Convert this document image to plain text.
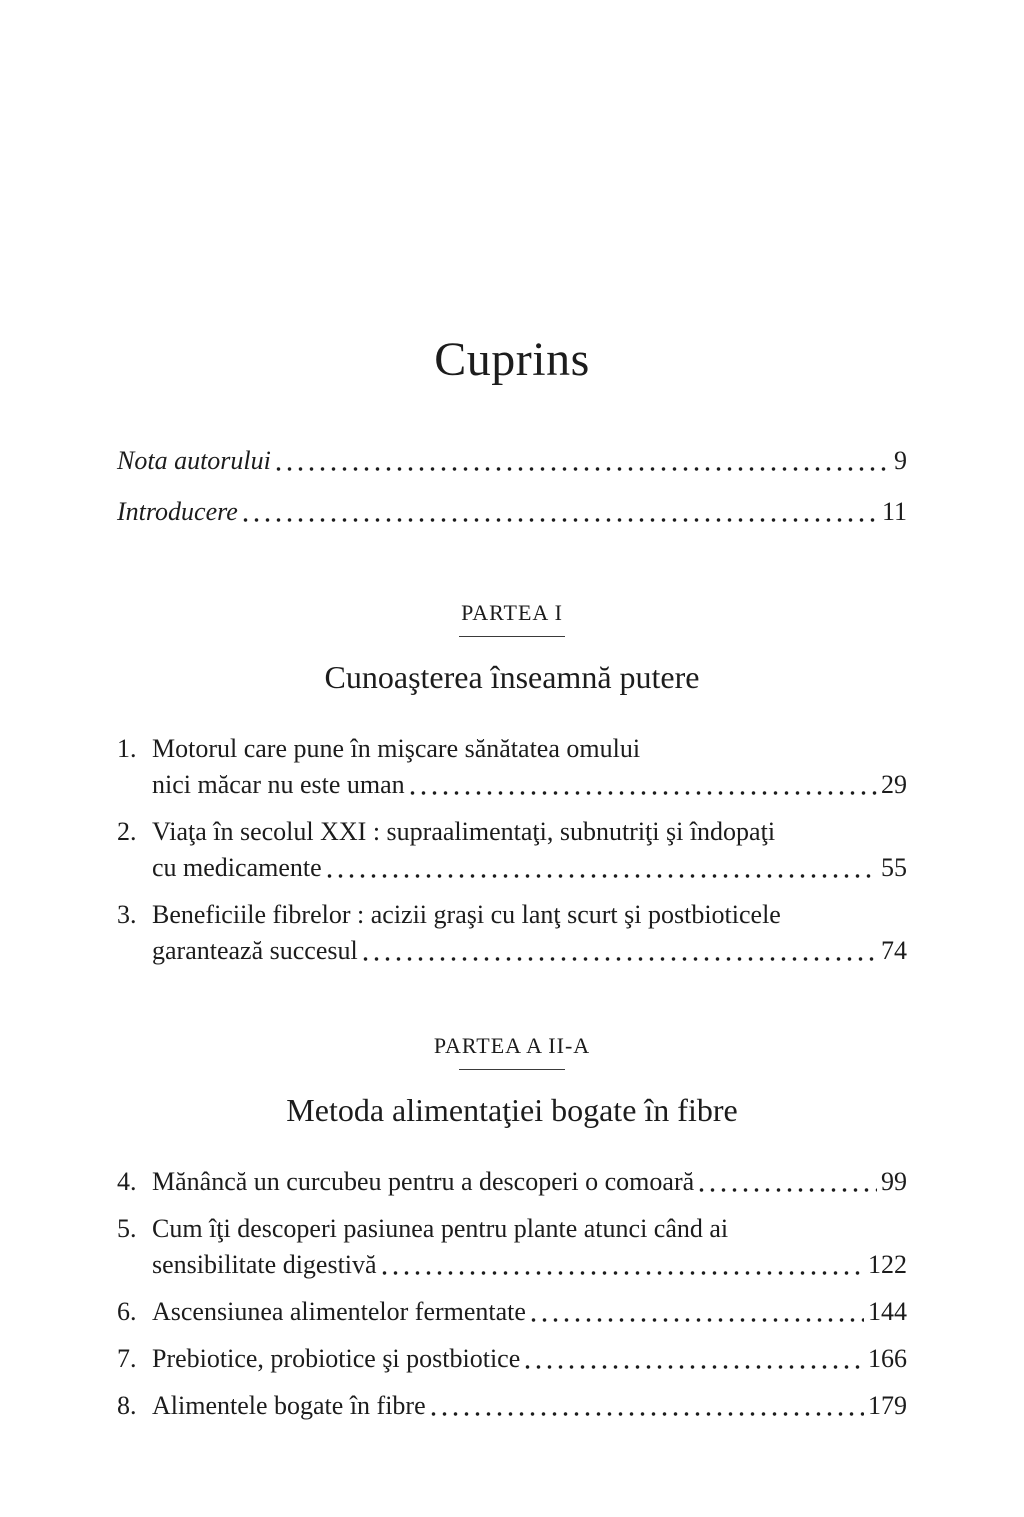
Cuprins
Nota autorului	9
Introducere	11
PARTEA I
Cunoaşterea înseamnă putere
1. Motorul care pune în mişcare sănătatea omului
nici măcar nu este uman	29
2. Viaţa în secolul XXI : supraalimentaţi, subnutriţi şi îndopaţi
cu medicamente	55
3. Beneficiile fibrelor : acizii graşi cu lanţ scurt şi postbioticele
garantează succesul	74
PARTEA A II-A
Metoda alimentaţiei bogate în fibre
4. Mănâncă un curcubeu pentru a descoperi o comoară	99
5. Cum îţi descoperi pasiunea pentru plante atunci când ai
sensibilitate digestivă	122
6. Ascensiunea alimentelor fermentate	144
7. Prebiotice, probiotice şi postbiotice	166
8. Alimentele bogate în fibre	179
